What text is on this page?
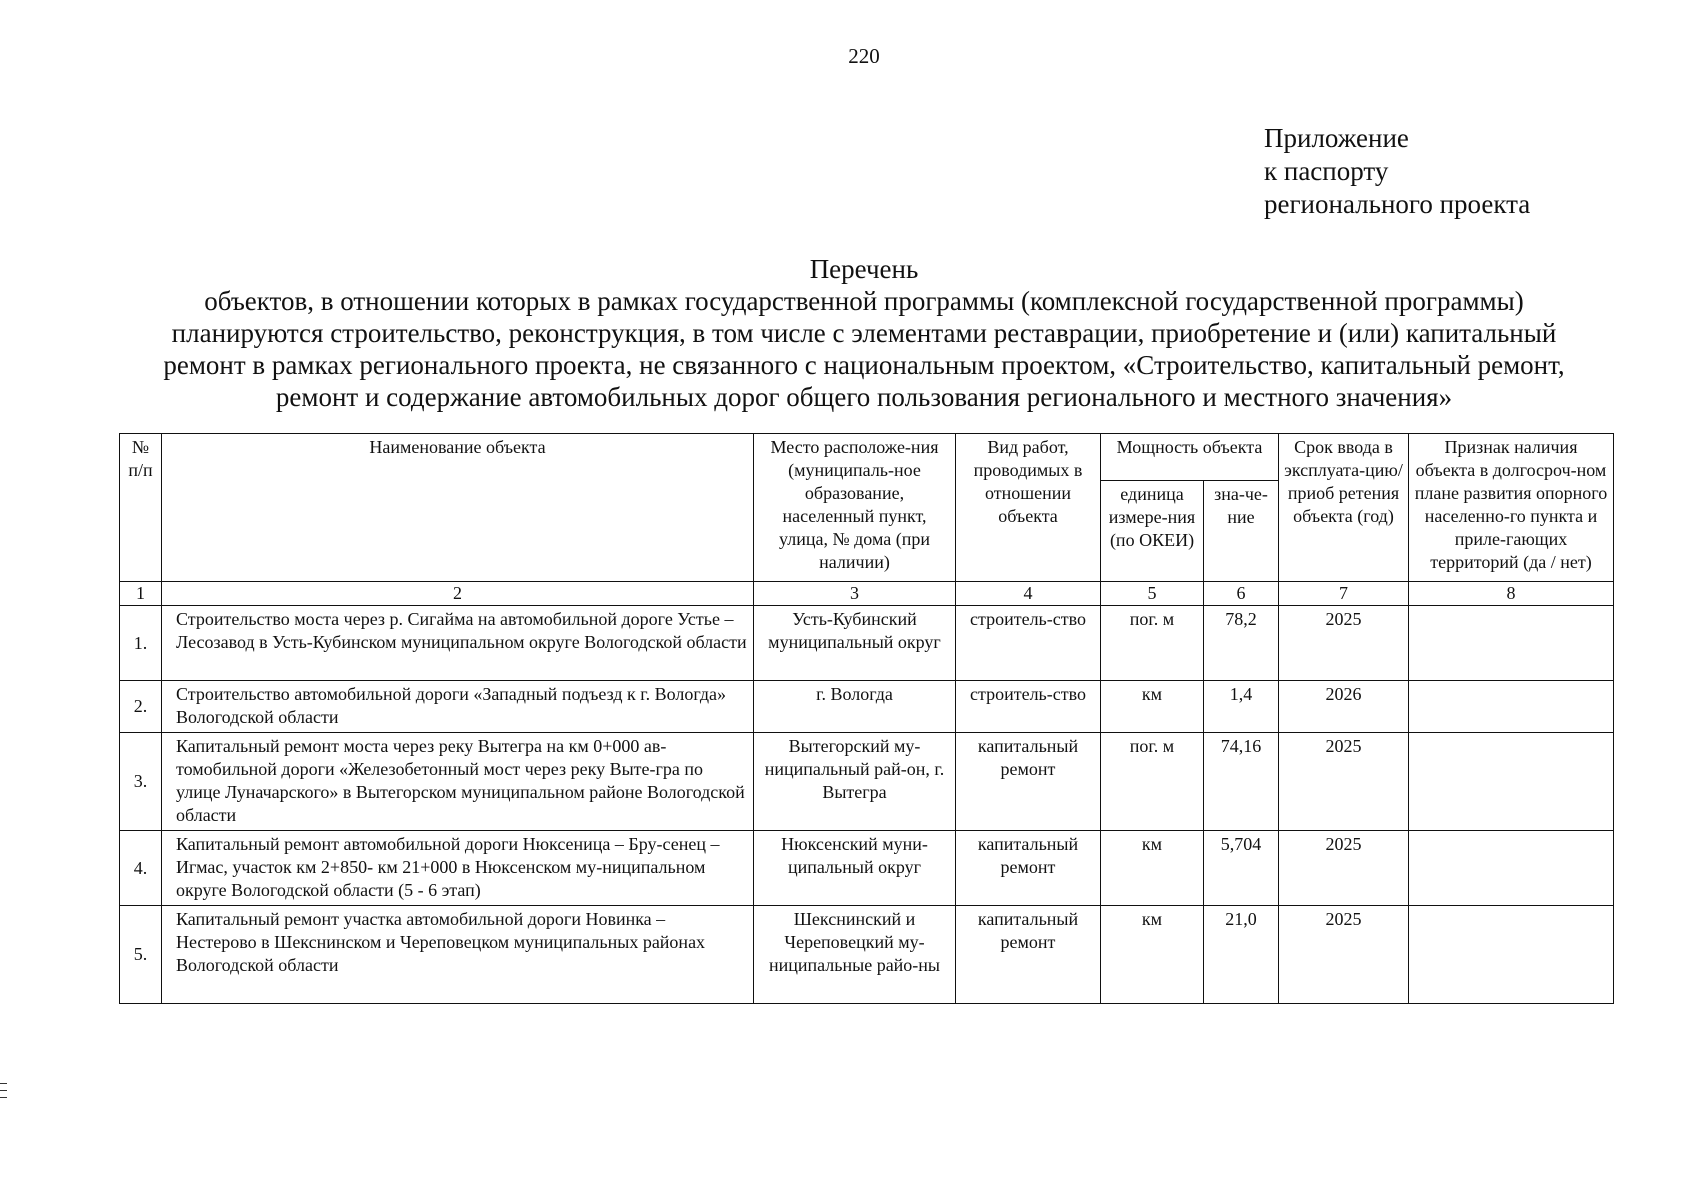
220
Приложение
к паспорту
регионального проекта
Перечень
объектов, в отношении которых в рамках государственной программы (комплексной государственной программы)
планируются строительство, реконструкция, в том числе с элементами реставрации, приобретение и (или) капитальный
ремонт в рамках регионального проекта, не связанного с национальным проектом, «Строительство, капитальный ремонт,
ремонт и содержание автомобильных дорог общего пользования регионального и местного значения»
№ п/п	Наименование объекта	Место расположе-ния (муниципаль-ное образование, населенный пункт, улица, № дома (при наличии)	Вид работ, проводимых в отношении объекта	Мощность объекта		Срок ввода в эксплуата-цию/приоб ретения объекта (год)	Признак наличия объекта в долгосроч-ном плане развития опорного населенно-го пункта и приле-гающих территорий (да / нет)
				единица измере-ния (по ОКЕИ)	зна-че-ние		
1	2	3	4	5	6	7	8
1.	Строительство моста через р. Сигайма на автомобильной дороге Устье – Лесозавод в Усть-Кубинском муниципальном округе Вологодской области	Усть-Кубинский муниципальный округ	строитель-ство	пог. м	78,2	2025	
2.	Строительство автомобильной дороги «Западный подъезд к г. Вологда» Вологодской области	г. Вологда	строитель-ство	км	1,4	2026	
3.	Капитальный ремонт моста через реку Вытегра на км 0+000 ав-томобильной дороги «Железобетонный мост через реку Выте-гра по улице Луначарского» в Вытегорском муниципальном районе Вологодской области	Вытегорский му-ниципальный рай-он, г. Вытегра	капитальный ремонт	пог. м	74,16	2025	
4.	Капитальный ремонт автомобильной дороги Нюксеница – Бру-сенец – Игмас, участок км 2+850- км 21+000 в Нюксенском му-ниципальном округе Вологодской области (5 - 6 этап)	Нюксенский муни-ципальный округ	капитальный ремонт	км	5,704	2025	
5.	Капитальный ремонт участка автомобильной дороги Новинка – Нестерово в Шекснинском и Череповецком муниципальных районах Вологодской области	Шекснинский и Череповецкий му-ниципальные райо-ны	капитальный ремонт	км	21,0	2025	
